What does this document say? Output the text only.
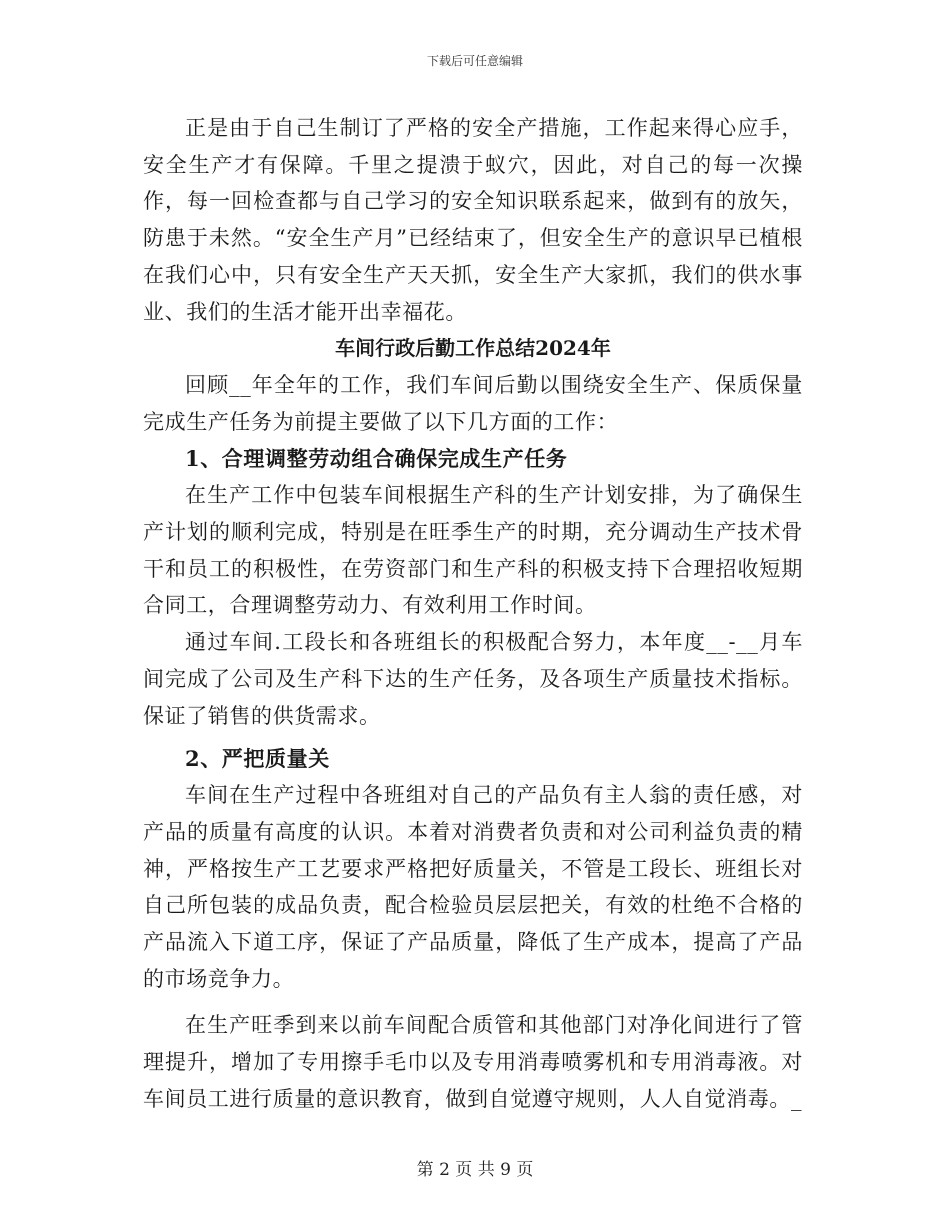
下载后可任意编辑

正是由于自己生制订了严格的安全产措施，工作起来得心应手，安全生产才有保障。千里之提溃于蚁穴，因此，对自己的每一次操作，每一回检查都与自己学习的安全知识联系起来，做到有的放矢，防患于未然。“安全生产月”已经结束了，但安全生产的意识早已植根在我们心中，只有安全生产天天抓，安全生产大家抓，我们的供水事业、我们的生活才能开出幸福花。

车间行政后勤工作总结2024年

回顾__年全年的工作，我们车间后勤以围绕安全生产、保质保量完成生产任务为前提主要做了以下几方面的工作：

1、合理调整劳动组合确保完成生产任务

在生产工作中包装车间根据生产科的生产计划安排，为了确保生产计划的顺利完成，特别是在旺季生产的时期，充分调动生产技术骨干和员工的积极性，在劳资部门和生产科的积极支持下合理招收短期合同工，合理调整劳动力、有效利用工作时间。

通过车间.工段长和各班组长的积极配合努力，本年度__-__月车间完成了公司及生产科下达的生产任务，及各项生产质量技术指标。保证了销售的供货需求。

2、严把质量关

车间在生产过程中各班组对自己的产品负有主人翁的责任感，对产品的质量有高度的认识。本着对消费者负责和对公司利益负责的精神，严格按生产工艺要求严格把好质量关，不管是工段长、班组长对自己所包装的成品负责，配合检验员层层把关，有效的杜绝不合格的产品流入下道工序，保证了产品质量，降低了生产成本，提高了产品的市场竞争力。

在生产旺季到来以前车间配合质管和其他部门对净化间进行了管理提升，增加了专用擦手毛巾以及专用消毒喷雾机和专用消毒液。对车间员工进行质量的意识教育，做到自觉遵守规则，人人自觉消毒。_

第 2 页 共 9 页
